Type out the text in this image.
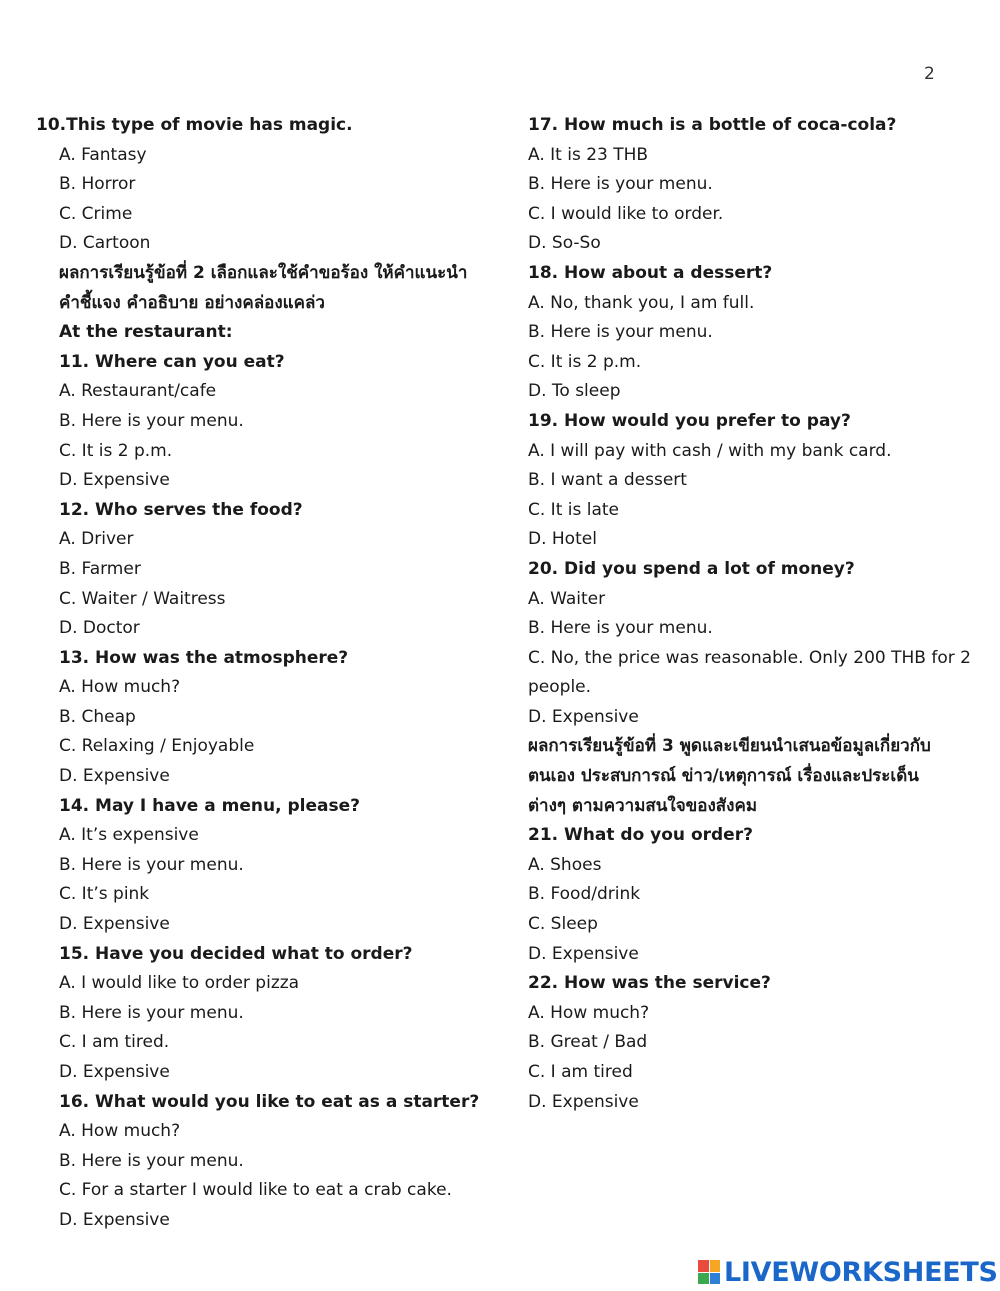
2
10.This type of movie has magic.
A. Fantasy
B. Horror
C. Crime
D. Cartoon
ผลการเรียนรู้ข้อที่ 2 เลือกและใช้คำขอร้อง ให้คำแนะนำ
คำชี้แจง คำอธิบาย อย่างคล่องแคล่ว
At the restaurant:
11. Where can you eat?
A. Restaurant/cafe
B. Here is your menu.
C. It is 2 p.m.
D. Expensive
12. Who serves the food?
A. Driver
B. Farmer
C. Waiter / Waitress
D. Doctor
13. How was the atmosphere?
A. How much?
B. Cheap
C. Relaxing / Enjoyable
D. Expensive
14. May I have a menu, please?
A. It’s expensive
B. Here is your menu.
C. It’s pink
D. Expensive
15. Have you decided what to order?
A. I would like to order pizza
B. Here is your menu.
C. I am tired.
D. Expensive
16. What would you like to eat as a starter?
A. How much?
B. Here is your menu.
C. For a starter I would like to eat a crab cake.
D. Expensive
17. How much is a bottle of coca-cola?
A. It is 23 THB
B. Here is your menu.
C. I would like to order.
D. So-So
18. How about a dessert?
A. No, thank you, I am full.
B. Here is your menu.
C. It is 2 p.m.
D. To sleep
19. How would you prefer to pay?
A. I will pay with cash / with my bank card.
B. I want a dessert
C. It is late
D. Hotel
20. Did you spend a lot of money?
A. Waiter
B. Here is your menu.
C. No, the price was reasonable. Only 200 THB for 2
people.
D. Expensive
ผลการเรียนรู้ข้อที่ 3 พูดและเขียนนำเสนอข้อมูลเกี่ยวกับ
ตนเอง ประสบการณ์ ข่าว/เหตุการณ์ เรื่องและประเด็น
ต่างๆ ตามความสนใจของสังคม
21. What do you order?
A. Shoes
B. Food/drink
C. Sleep
D. Expensive
22. How was the service?
A. How much?
B. Great / Bad
C. I am tired
D. Expensive
LIVEWORKSHEETS
